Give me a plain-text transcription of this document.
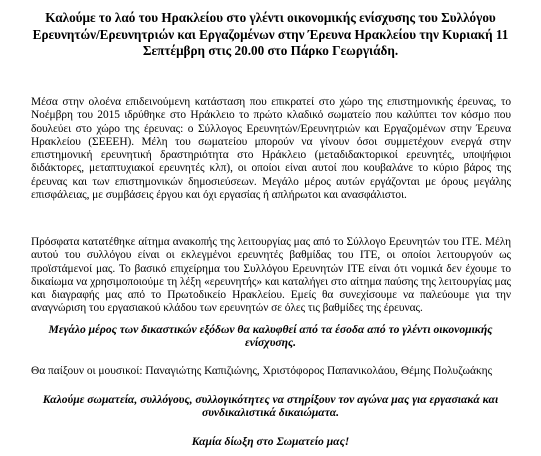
Καλούμε το λαό του Ηρακλείου στο γλέντι οικονομικής ενίσχυσης του Συλλόγου Ερευνητών/Ερευνητριών και Εργαζομένων στην Έρευνα Ηρακλείου την Κυριακή 11 Σεπτέμβρη στις 20.00 στο Πάρκο Γεωργιάδη.

Μέσα στην ολοένα επιδεινούμενη κατάσταση που επικρατεί στο χώρο της επιστημονικής έρευνας, το Νοέμβρη του 2015 ιδρύθηκε στο Ηράκλειο το πρώτο κλαδικό σωματείο που καλύπτει τον κόσμο που δουλεύει στο χώρο της έρευνας: ο Σύλλογος Ερευνητών/Ερευνητριών και Εργαζομένων στην Έρευνα Ηρακλείου (ΣΕΕΕΗ). Μέλη του σωματείου μπορούν να γίνουν όσοι συμμετέχουν ενεργά στην επιστημονική ερευνητική δραστηριότητα στο Ηράκλειο (μεταδιδακτορικοί ερευνητές, υποψήφιοι διδάκτορες, μεταπτυχιακοί ερευνητές κλπ), οι οποίοι είναι αυτοί που κουβαλάνε το κύριο βάρος της έρευνας και των επιστημονικών δημοσιεύσεων. Μεγάλο μέρος αυτών εργάζονται με όρους μεγάλης επισφάλειας, με συμβάσεις έργου και όχι εργασίας ή απλήρωτοι και ανασφάλιστοι.

Πρόσφατα κατατέθηκε αίτημα ανακοπής της λειτουργίας μας από το Σύλλογο Ερευνητών του ΙΤΕ. Μέλη αυτού του συλλόγου είναι οι εκλεγμένοι ερευνητές βαθμίδας του ΙΤΕ, οι οποίοι λειτουργούν ως προϊστάμενοί μας. Το βασικό επιχείρημα του Συλλόγου Ερευνητών ΙΤΕ είναι ότι νομικά δεν έχουμε το δικαίωμα να χρησιμοποιούμε τη λέξη «ερευνητής» και καταλήγει στο αίτημα παύσης της λειτουργίας μας και διαγραφής μας από το Πρωτοδικείο Ηρακλείου. Εμείς θα συνεχίσουμε να παλεύουμε για την αναγνώριση του εργασιακού κλάδου των ερευνητών σε όλες τις βαθμίδες της έρευνας.

Μεγάλο μέρος των δικαστικών εξόδων θα καλυφθεί από τα έσοδα από το γλέντι οικονομικής ενίσχυσης.

Θα παίξουν οι μουσικοί: Παναγιώτης Καπιζιώνης, Χριστόφορος Παπανικολάου, Θέμης Πολυζωάκης

Καλούμε σωματεία, συλλόγους, συλλογικότητες να στηρίξουν τον αγώνα μας για εργασιακά και συνδικαλιστικά δικαιώματα.

Καμία δίωξη στο Σωματείο μας!
